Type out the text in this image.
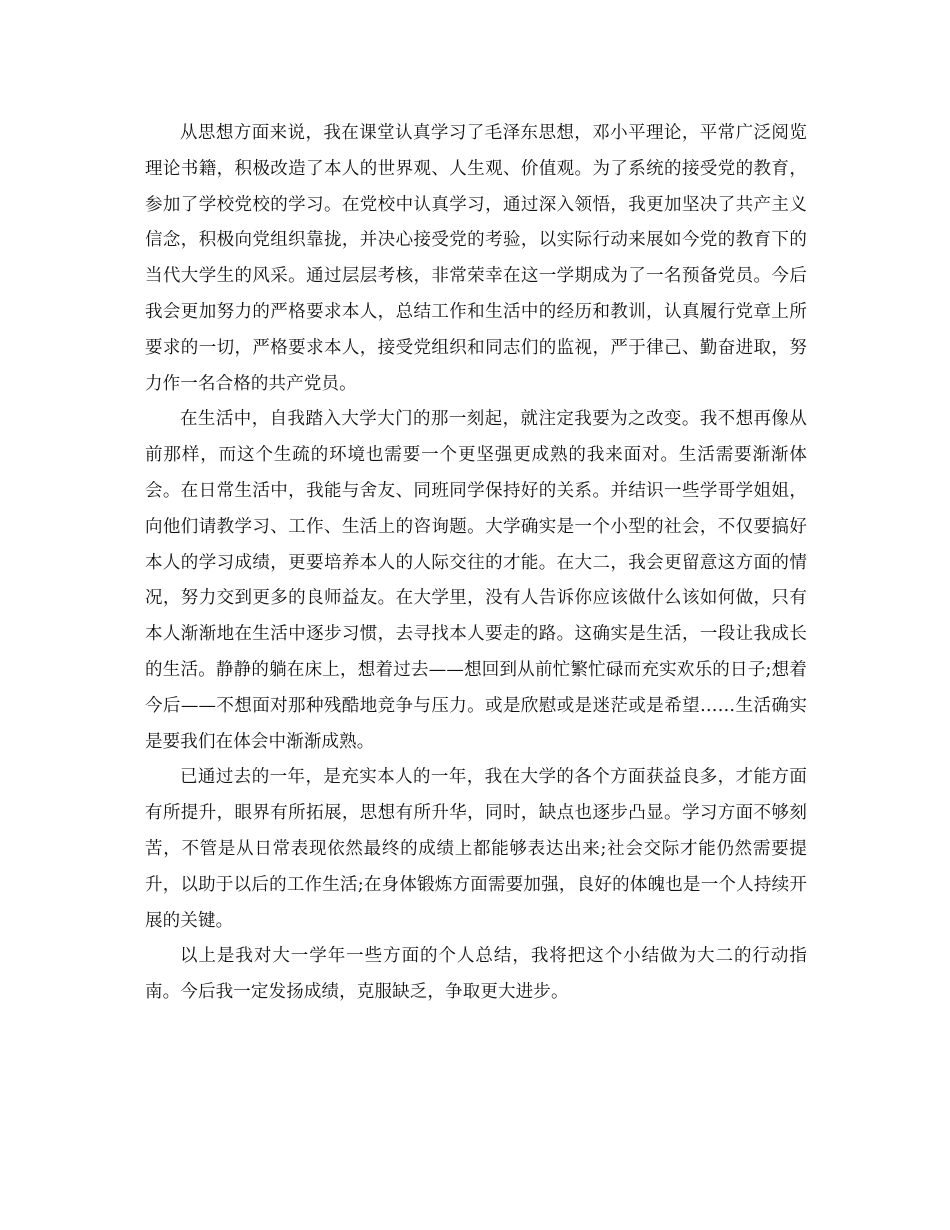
从思想方面来说，我在课堂认真学习了毛泽东思想，邓小平理论，平常广泛阅览理论书籍，积极改造了本人的世界观、人生观、价值观。为了系统的接受党的教育，参加了学校党校的学习。在党校中认真学习，通过深入领悟，我更加坚决了共产主义信念，积极向党组织靠拢，并决心接受党的考验，以实际行动来展如今党的教育下的当代大学生的风采。通过层层考核，非常荣幸在这一学期成为了一名预备党员。今后我会更加努力的严格要求本人，总结工作和生活中的经历和教训，认真履行党章上所要求的一切，严格要求本人，接受党组织和同志们的监视，严于律己、勤奋进取，努力作一名合格的共产党员。

在生活中，自我踏入大学大门的那一刻起，就注定我要为之改变。我不想再像从前那样，而这个生疏的环境也需要一个更坚强更成熟的我来面对。生活需要渐渐体会。在日常生活中，我能与舍友、同班同学保持好的关系。并结识一些学哥学姐姐，向他们请教学习、工作、生活上的咨询题。大学确实是一个小型的社会，不仅要搞好本人的学习成绩，更要培养本人的人际交往的才能。在大二，我会更留意这方面的情况，努力交到更多的良师益友。在大学里，没有人告诉你应该做什么该如何做，只有本人渐渐地在生活中逐步习惯，去寻找本人要走的路。这确实是生活，一段让我成长的生活。静静的躺在床上，想着过去——想回到从前忙繁忙碌而充实欢乐的日子;想着今后——不想面对那种残酷地竞争与压力。或是欣慰或是迷茫或是希望……生活确实是要我们在体会中渐渐成熟。

已通过去的一年，是充实本人的一年，我在大学的各个方面获益良多，才能方面有所提升，眼界有所拓展，思想有所升华，同时，缺点也逐步凸显。学习方面不够刻苦，不管是从日常表现依然最终的成绩上都能够表达出来;社会交际才能仍然需要提升，以助于以后的工作生活;在身体锻炼方面需要加强，良好的体魄也是一个人持续开展的关键。

以上是我对大一学年一些方面的个人总结，我将把这个小结做为大二的行动指南。今后我一定发扬成绩，克服缺乏，争取更大进步。
